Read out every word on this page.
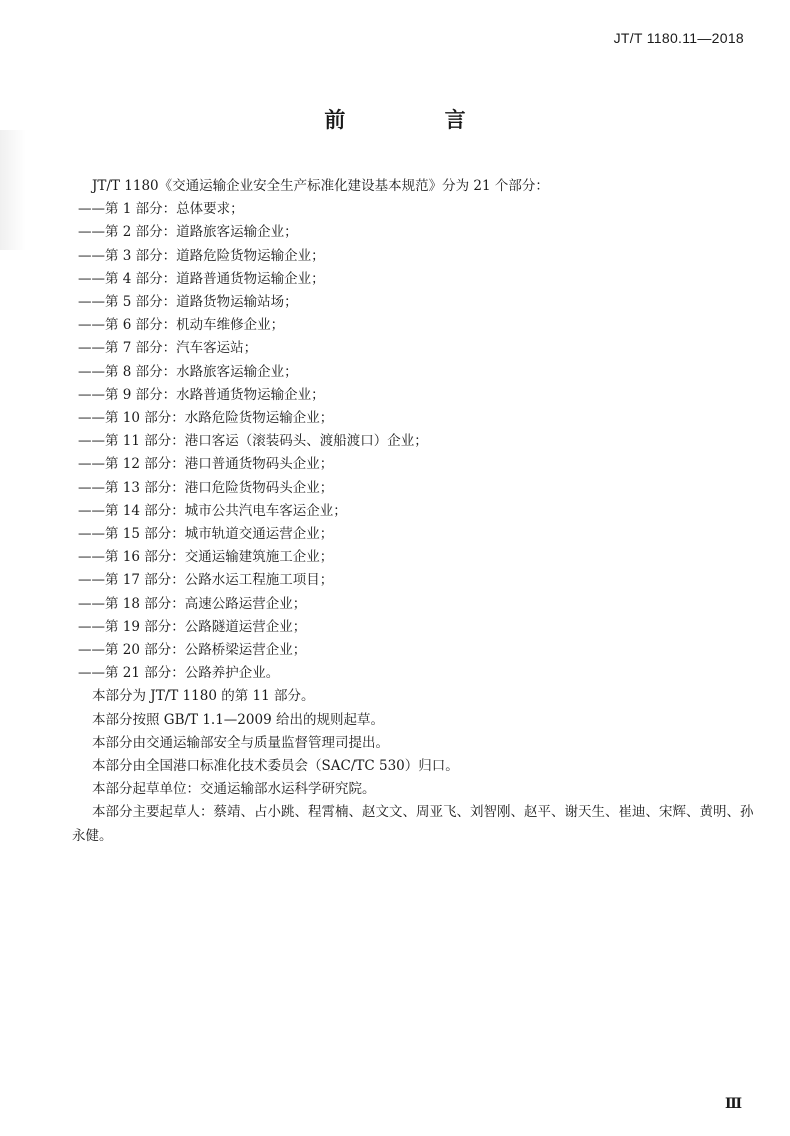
JT/T 1180.11—2018
前 言

JT/T 1180《交通运输企业安全生产标准化建设基本规范》分为 21 个部分：

——第 1 部分：总体要求；
——第 2 部分：道路旅客运输企业；
——第 3 部分：道路危险货物运输企业；
——第 4 部分：道路普通货物运输企业；
——第 5 部分：道路货物运输站场；
——第 6 部分：机动车维修企业；
——第 7 部分：汽车客运站；
——第 8 部分：水路旅客运输企业；
——第 9 部分：水路普通货物运输企业；
——第 10 部分：水路危险货物运输企业；
——第 11 部分：港口客运（滚装码头、渡船渡口）企业；
——第 12 部分：港口普通货物码头企业；
——第 13 部分：港口危险货物码头企业；
——第 14 部分：城市公共汽电车客运企业；
——第 15 部分：城市轨道交通运营企业；
——第 16 部分：交通运输建筑施工企业；
——第 17 部分：公路水运工程施工项目；
——第 18 部分：高速公路运营企业；
——第 19 部分：公路隧道运营企业；
——第 20 部分：公路桥梁运营企业；
——第 21 部分：公路养护企业。

本部分为 JT/T 1180 的第 11 部分。

本部分按照 GB/T 1.1—2009 给出的规则起草。

本部分由交通运输部安全与质量监督管理司提出。

本部分由全国港口标准化技术委员会（SAC/TC 530）归口。

本部分起草单位：交通运输部水运科学研究院。

本部分主要起草人：蔡靖、占小跳、程霄楠、赵文文、周亚飞、刘智刚、赵平、谢天生、崔迪、宋辉、黄明、孙永健。

Ⅲ
